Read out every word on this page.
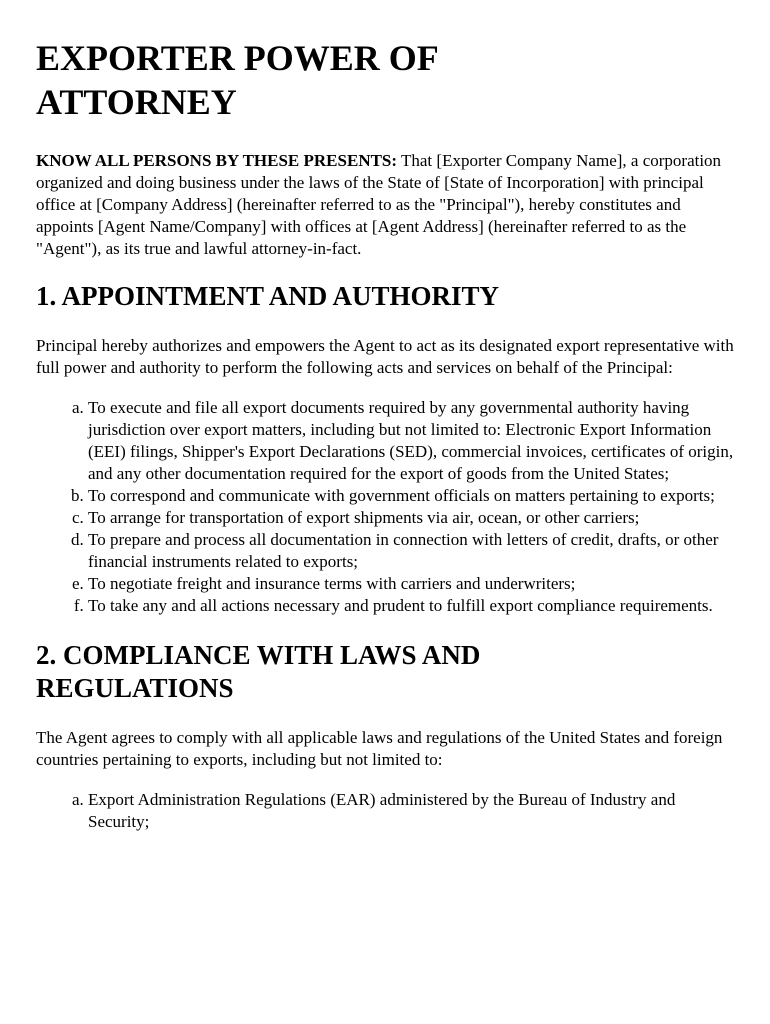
EXPORTER POWER OF ATTORNEY

KNOW ALL PERSONS BY THESE PRESENTS: That [Exporter Company Name], a corporation organized and doing business under the laws of the State of [State of Incorporation] with principal office at [Company Address] (hereinafter referred to as the "Principal"), hereby constitutes and appoints [Agent Name/Company] with offices at [Agent Address] (hereinafter referred to as the "Agent"), as its true and lawful attorney-in-fact.

1. APPOINTMENT AND AUTHORITY

Principal hereby authorizes and empowers the Agent to act as its designated export representative with full power and authority to perform the following acts and services on behalf of the Principal:

a. To execute and file all export documents required by any governmental authority having jurisdiction over export matters, including but not limited to: Electronic Export Information (EEI) filings, Shipper's Export Declarations (SED), commercial invoices, certificates of origin, and any other documentation required for the export of goods from the United States;
b. To correspond and communicate with government officials on matters pertaining to exports;
c. To arrange for transportation of export shipments via air, ocean, or other carriers;
d. To prepare and process all documentation in connection with letters of credit, drafts, or other financial instruments related to exports;
e. To negotiate freight and insurance terms with carriers and underwriters;
f. To take any and all actions necessary and prudent to fulfill export compliance requirements.
2. COMPLIANCE WITH LAWS AND REGULATIONS

The Agent agrees to comply with all applicable laws and regulations of the United States and foreign countries pertaining to exports, including but not limited to:

a. Export Administration Regulations (EAR) administered by the Bureau of Industry and Security;
